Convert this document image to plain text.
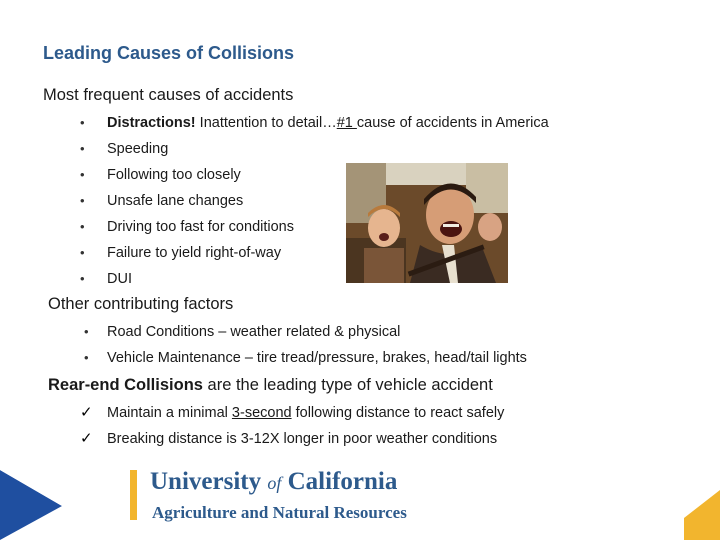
Leading Causes of Collisions
Most frequent causes of accidents
•	Distractions! Inattention to detail…#1 cause of accidents in America
•	Speeding
•	Following too closely
•	Unsafe lane changes
•	Driving too fast for conditions
•	Failure to yield right-of-way
•	DUI
Other contributing factors
•	Road Conditions – weather related & physical
•	Vehicle Maintenance – tire tread/pressure, brakes, head/tail lights
Rear-end Collisions are the leading type of vehicle accident
✓ Maintain a minimal 3-second following distance to react safely
✓ Breaking distance is 3-12X longer in poor weather conditions
University of California
Agriculture and Natural Resources
